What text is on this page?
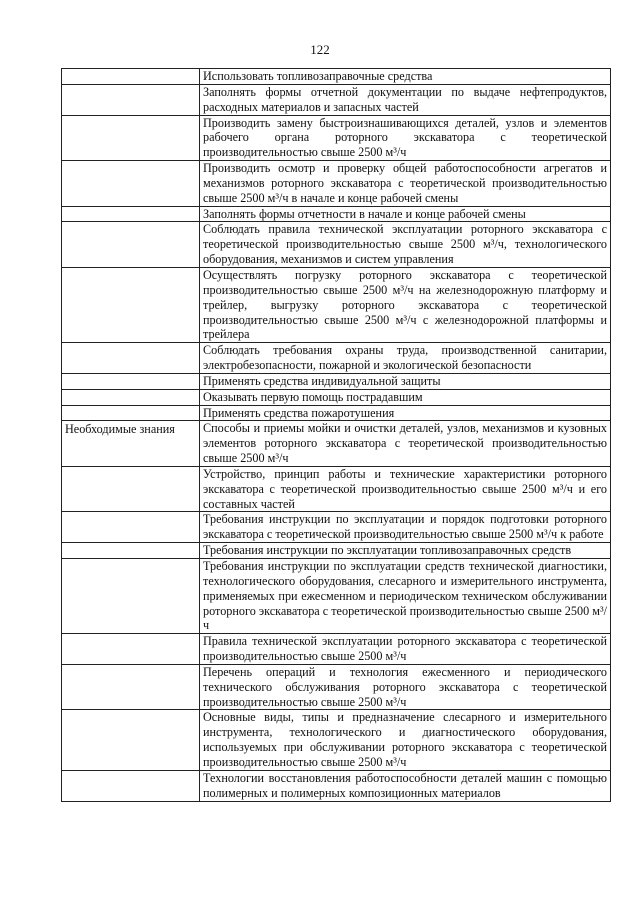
122
	Использовать топливозаправочные средства
	Заполнять формы отчетной документации по выдаче нефтепродуктов, расходных материалов и запасных частей
	Производить замену быстроизнашивающихся деталей, узлов и элементов рабочего органа роторного экскаватора с теоретической производительностью свыше 2500 м³/ч
	Производить осмотр и проверку общей работоспособности агрегатов и механизмов роторного экскаватора с теоретической производительностью свыше 2500 м³/ч в начале и конце рабочей смены
	Заполнять формы отчетности в начале и конце рабочей смены
	Соблюдать правила технической эксплуатации роторного экскаватора с теоретической производительностью свыше 2500 м³/ч, технологического оборудования, механизмов и систем управления
	Осуществлять погрузку роторного экскаватора с теоретической производительностью свыше 2500 м³/ч на железнодорожную платформу и трейлер, выгрузку роторного экскаватора с теоретической производительностью свыше 2500 м³/ч с железнодорожной платформы и трейлера
	Соблюдать требования охраны труда, производственной санитарии, электробезопасности, пожарной и экологической безопасности
	Применять средства индивидуальной защиты
	Оказывать первую помощь пострадавшим
	Применять средства пожаротушения
Необходимые знания	Способы и приемы мойки и очистки деталей, узлов, механизмов и кузовных элементов роторного экскаватора с теоретической производительностью свыше 2500 м³/ч
	Устройство, принцип работы и технические характеристики роторного экскаватора с теоретической производительностью свыше 2500 м³/ч и его составных частей
	Требования инструкции по эксплуатации и порядок подготовки роторного экскаватора с теоретической производительностью свыше 2500 м³/ч к работе
	Требования инструкции по эксплуатации топливозаправочных средств
	Требования инструкции по эксплуатации средств технической диагностики, технологического оборудования, слесарного и измерительного инструмента, применяемых при ежесменном и периодическом техническом обслуживании роторного экскаватора с теоретической производительностью свыше 2500 м³/ч
	Правила технической эксплуатации роторного экскаватора с теоретической производительностью свыше 2500 м³/ч
	Перечень операций и технология ежесменного и периодического технического обслуживания роторного экскаватора с теоретической производительностью свыше 2500 м³/ч
	Основные виды, типы и предназначение слесарного и измерительного инструмента, технологического и диагностического оборудования, используемых при обслуживании роторного экскаватора с теоретической производительностью свыше 2500 м³/ч
	Технологии восстановления работоспособности деталей машин с помощью полимерных и полимерных композиционных материалов
